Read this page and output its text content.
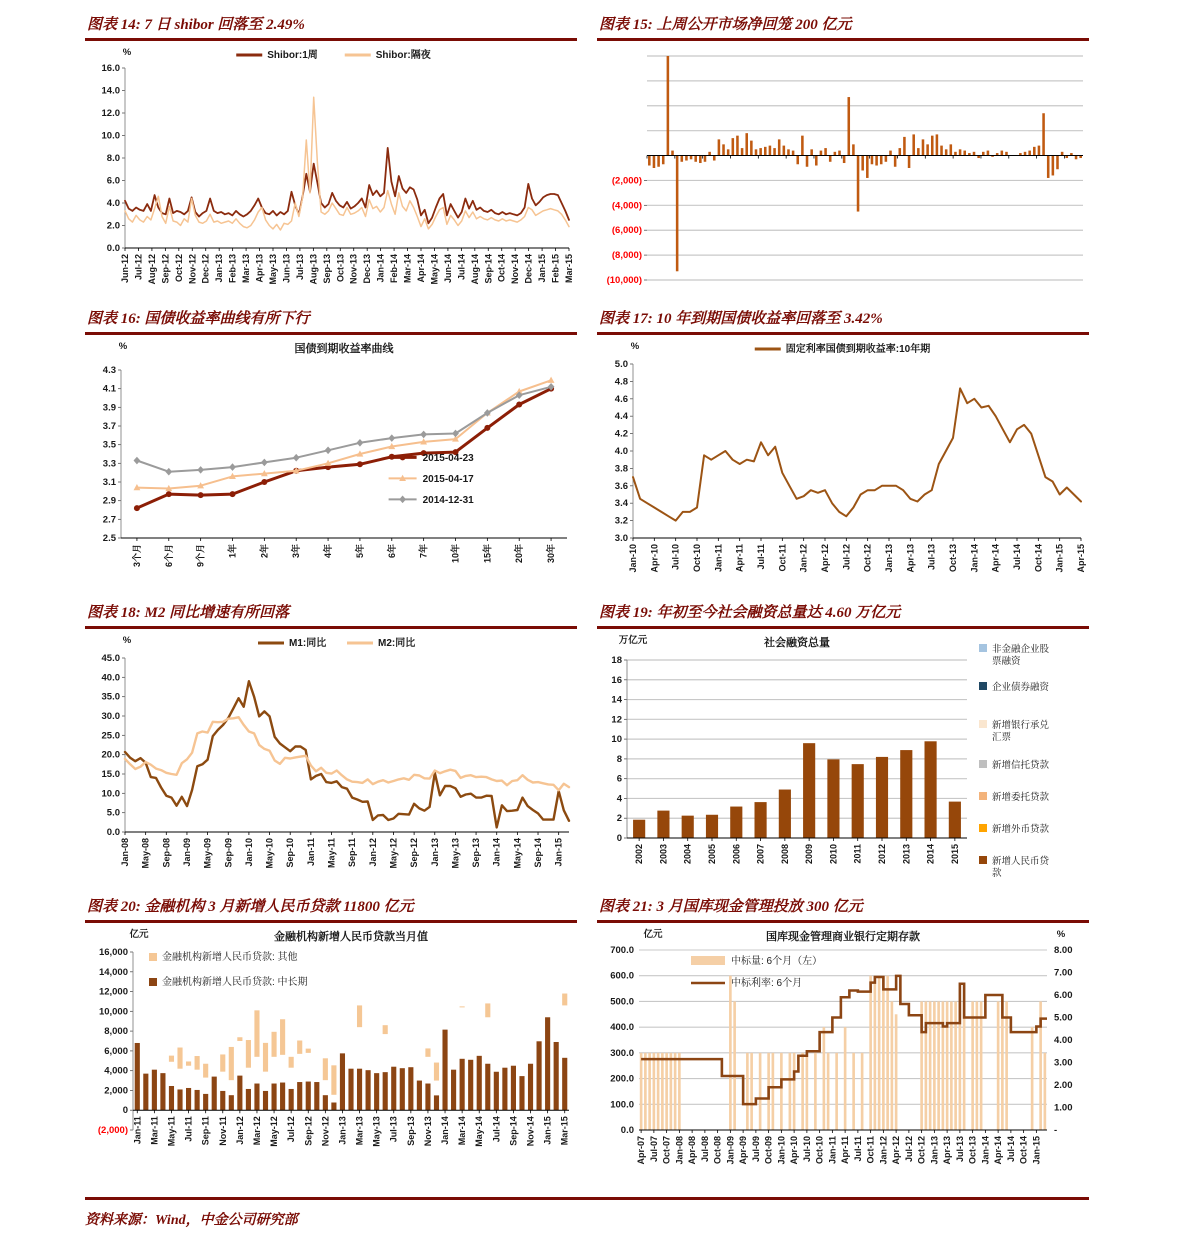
图表 14: 7 日 shibor 回落至 2.49%
0.0
2.0
4.0
6.0
8.0
10.0
12.0
14.0
16.0
%
Jun-12 Jul-12 Aug-12 Sep-12 Oct-12 Nov-12 Dec-12 Jan-13 Feb-13 Mar-13 Apr-13 May-13 Jun-13 Jul-13 Aug-13 Sep-13 Oct-13 Nov-13 Dec-13 Jan-14 Feb-14 Mar-14 Apr-14 May-14 Jun-14 Jul-14 Aug-14 Sep-14 Oct-14 Nov-14 Dec-14 Jan-15 Feb-15 Mar-15
Shibor:1周	Shibor:隔夜
图表 15: 上周公开市场净回笼 200 亿元
(10,000)
(8,000)
(6,000)
(4,000)
(2,000)
图表 16: 国债收益率曲线有所下行
2.5
2.7
2.9
3.1
3.3
3.5
3.7
3.9
4.1
4.3
%	国债到期收益率曲线
3个月 6个月 9个月 1年 2年 3年 4年 5年 6年 7年 10年 15年 20年 30年
2015-04-23
2015-04-17
2014-12-31
图表 17: 10 年到期国债收益率回落至 3.42%
3.0
3.2
3.4
3.6
3.8
4.0
4.2
4.4
4.6
4.8
5.0
%
Jan-10 Apr-10 Jul-10 Oct-10 Jan-11 Apr-11 Jul-11 Oct-11 Jan-12 Apr-12 Jul-12 Oct-12 Jan-13 Apr-13 Jul-13 Oct-13 Jan-14 Apr-14 Jul-14 Oct-14 Jan-15 Apr-15
固定利率国债到期收益率:10年期
图表 18: M2 同比增速有所回落
0.0
5.0
10.0
15.0
20.0
25.0
30.0
35.0
40.0
45.0
%
Jan-08 May-08 Sep-08 Jan-09 May-09 Sep-09 Jan-10 May-10 Sep-10 Jan-11 May-11 Sep-11 Jan-12 May-12 Sep-12 Jan-13 May-13 Sep-13 Jan-14 May-14 Sep-14 Jan-15
M1:同比	M2:同比
图表 19: 年初至今社会融资总量达 4.60 万亿元
0
2
4
6
8
10
12
14
16
18
万亿元	社会融资总量
2002 2003 2004 2005 2006 2007 2008 2009 2010 2011 2012 2013 2014 2015
非金融企业股
票融资
企业债券融资
新增银行承兑
汇票
新增信托贷款
新增委托贷款
新增外币贷款
新增人民币贷
款
图表 20: 金融机构 3 月新增人民币贷款 11800 亿元
(2,000)
0
2,000
4,000
6,000
8,000
10,000
12,000
14,000
16,000
亿元	金融机构新增人民币贷款当月值
Jan-11 Mar-11 May-11 Jul-11 Sep-11 Nov-11 Jan-12 Mar-12 May-12 Jul-12 Sep-12 Nov-12 Jan-13 Mar-13 May-13 Jul-13 Sep-13 Nov-13 Jan-14 Mar-14 May-14 Jul-14 Sep-14 Nov-14 Jan-15 Mar-15
金融机构新增人民币贷款: 其他
金融机构新增人民币贷款: 中长期
图表 21: 3 月国库现金管理投放 300 亿元
0.0
100.0
200.0
300.0
400.0
500.0
600.0
700.0
-
1.00
2.00
3.00
4.00
5.00
6.00
7.00
8.00
Apr-07 Jul-07 Oct-07 Jan-08 Apr-08 Jul-08 Oct-08 Jan-09 Apr-09 Jul-09 Oct-09 Jan-10 Apr-10 Jul-10 Oct-10 Jan-11 Apr-11 Jul-11 Oct-11 Jan-12 Apr-12 Jul-12 Oct-12 Jan-13 Apr-13 Jul-13 Oct-13 Jan-14 Apr-14 Jul-14 Oct-14 Jan-15
亿元	%
国库现金管理商业银行定期存款
中标量: 6个月（左）
中标利率: 6个月
资料来源：Wind，中金公司研究部
